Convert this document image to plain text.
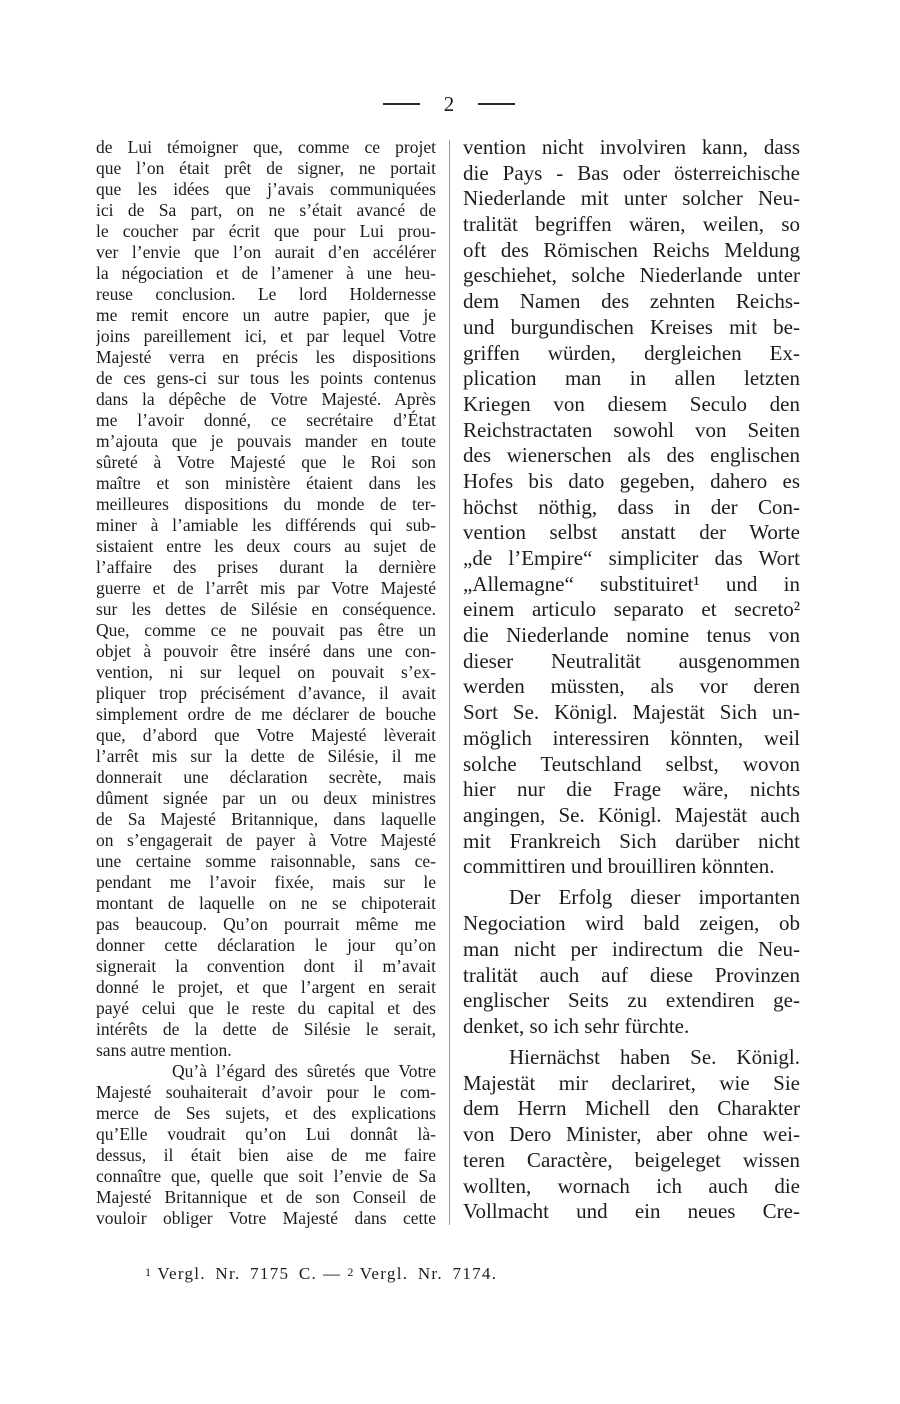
2
de Lui témoigner que, comme ce projet
que l’on était prêt de signer, ne portait
que les idées que j’avais communiquées
ici de Sa part, on ne s’était avancé de
le coucher par écrit que pour Lui prou-
ver l’envie que l’on aurait d’en accélérer
la négociation et de l’amener à une heu-
reuse conclusion. Le lord Holdernesse
me remit encore un autre papier, que je
joins pareillement ici, et par lequel Votre
Majesté verra en précis les dispositions
de ces gens-ci sur tous les points contenus
dans la dépêche de Votre Majesté. Après
me l’avoir donné, ce secrétaire d’État
m’ajouta que je pouvais mander en toute
sûreté à Votre Majesté que le Roi son
maître et son ministère étaient dans les
meilleures dispositions du monde de ter-
miner à l’amiable les différends qui sub-
sistaient entre les deux cours au sujet de
l’affaire des prises durant la dernière
guerre et de l’arrêt mis par Votre Majesté
sur les dettes de Silésie en conséquence.
Que, comme ce ne pouvait pas être un
objet à pouvoir être inséré dans une con-
vention, ni sur lequel on pouvait s’ex-
pliquer trop précisément d’avance, il avait
simplement ordre de me déclarer de bouche
que, d’abord que Votre Majesté lèverait
l’arrêt mis sur la dette de Silésie, il me
donnerait une déclaration secrète, mais
dûment signée par un ou deux ministres
de Sa Majesté Britannique, dans laquelle
on s’engagerait de payer à Votre Majesté
une certaine somme raisonnable, sans ce-
pendant me l’avoir fixée, mais sur le
montant de laquelle on ne se chipoterait
pas beaucoup. Qu’on pourrait même me
donner cette déclaration le jour qu’on
signerait la convention dont il m’avait
donné le projet, et que l’argent en serait
payé celui que le reste du capital et des
intérêts de la dette de Silésie le serait,
sans autre mention.
Qu’à l’égard des sûretés que Votre
Majesté souhaiterait d’avoir pour le com-
merce de Ses sujets, et des explications
qu’Elle voudrait qu’on Lui donnât là-
dessus, il était bien aise de me faire
connaître que, quelle que soit l’envie de Sa
Majesté Britannique et de son Conseil de
vouloir obliger Votre Majesté dans cette
vention nicht involviren kann, dass
die Pays - Bas oder österreichische
Niederlande mit unter solcher Neu-
tralität begriffen wären, weilen, so
oft des Römischen Reichs Meldung
geschiehet, solche Niederlande unter
dem Namen des zehnten Reichs-
und burgundischen Kreises mit be-
griffen würden, dergleichen Ex-
plication man in allen letzten
Kriegen von diesem Seculo den
Reichstractaten sowohl von Seiten
des wienerschen als des englischen
Hofes bis dato gegeben, dahero es
höchst nöthig, dass in der Con-
vention selbst anstatt der Worte
„de l’Empire“ simpliciter das Wort
„Allemagne“ substituiret¹ und in
einem articulo separato et secreto²
die Niederlande nomine tenus von
dieser Neutralität ausgenommen
werden müssten, als vor deren
Sort Se. Königl. Majestät Sich un-
möglich interessiren könnten, weil
solche Teutschland selbst, wovon
hier nur die Frage wäre, nichts
angingen, Se. Königl. Majestät auch
mit Frankreich Sich darüber nicht
committiren und brouilliren könnten.
Der Erfolg dieser importanten
Negociation wird bald zeigen, ob
man nicht per indirectum die Neu-
tralität auch auf diese Provinzen
englischer Seits zu extendiren ge-
denket, so ich sehr fürchte.
Hiernächst haben Se. Königl.
Majestät mir declariret, wie Sie
dem Herrn Michell den Charakter
von Dero Minister, aber ohne wei-
teren Caractère, beigeleget wissen
wollten, wornach ich auch die
Vollmacht und ein neues Cre-
1 Vergl. Nr. 7175 C. — 2 Vergl. Nr. 7174.
